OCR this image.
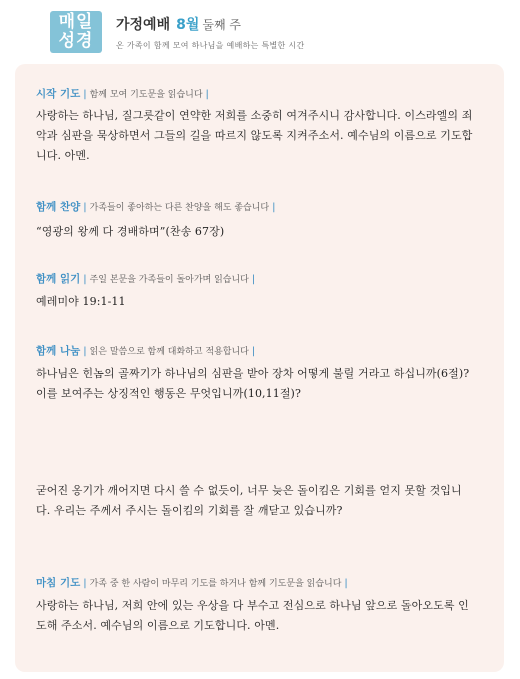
매일
성경
가정예배 8월 둘째 주
온 가족이 함께 모여 하나님을 예배하는 특별한 시간
시작 기도 | 함께 모여 기도문을 읽습니다 |

사랑하는 하나님, 질그릇같이 연약한 저희를 소중히 여겨주시니 감사합니다. 이스라엘의 죄악과 심판을 묵상하면서 그들의 길을 따르지 않도록 지켜주소서. 예수님의 이름으로 기도합니다. 아멘.

함께 찬양 | 가족들이 좋아하는 다른 찬양을 해도 좋습니다 |

“영광의 왕께 다 경배하며”(찬송 67장)

함께 읽기 | 주일 본문을 가족들이 돌아가며 읽습니다 |

예레미야 19:1-11

함께 나눔 | 읽은 말씀으로 함께 대화하고 적용합니다 |

하나님은 힌놈의 골짜기가 하나님의 심판을 받아 장차 어떻게 불릴 거라고 하십니까(6절)? 이를 보여주는 상징적인 행동은 무엇입니까(10,11절)?

굳어진 옹기가 깨어지면 다시 쓸 수 없듯이, 너무 늦은 돌이킴은 기회를 얻지 못할 것입니다. 우리는 주께서 주시는 돌이킴의 기회를 잘 깨닫고 있습니까?

마침 기도 | 가족 중 한 사람이 마무리 기도를 하거나 함께 기도문을 읽습니다 |

사랑하는 하나님, 저희 안에 있는 우상을 다 부수고 전심으로 하나님 앞으로 돌아오도록 인도해 주소서. 예수님의 이름으로 기도합니다. 아멘.
